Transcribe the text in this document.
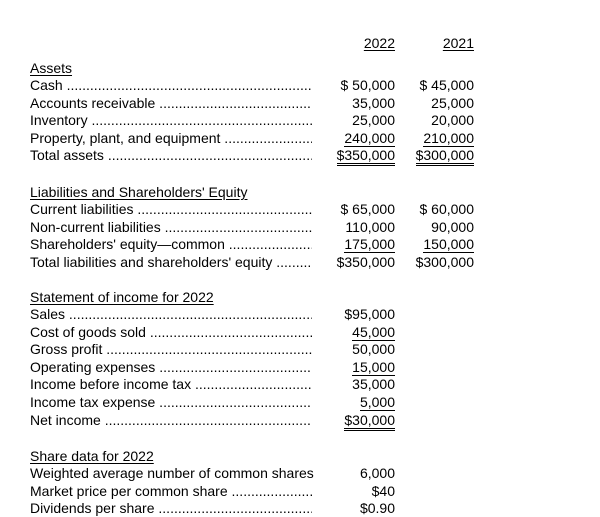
2022	2021
Assets
Liabilities and Shareholders' Equity
Statement of income for 2022
Share data for 2022
Cash .....	$ 50,000	$ 45,000
Accounts receivable .....	35,000	25,000
Inventory .....	25,000	20,000
Property, plant, and equipment .....	240,000	210,000
Total assets .....	$350,000	$300,000
Current liabilities .....	$ 65,000	$ 60,000
Non-current liabilities .....	110,000	90,000
Shareholders' equity—common .....	175,000	150,000
Total liabilities and shareholders' equity .....	$350,000	$300,000
Sales .....	$95,000
Cost of goods sold .....	45,000
Gross profit .....	50,000
Operating expenses .....	15,000
Income before income tax .....	35,000
Income tax expense .....	5,000
Net income .....	$30,000
Weighted average number of common shares	6,000
Market price per common share .....	$40
Dividends per share .....	$0.90
